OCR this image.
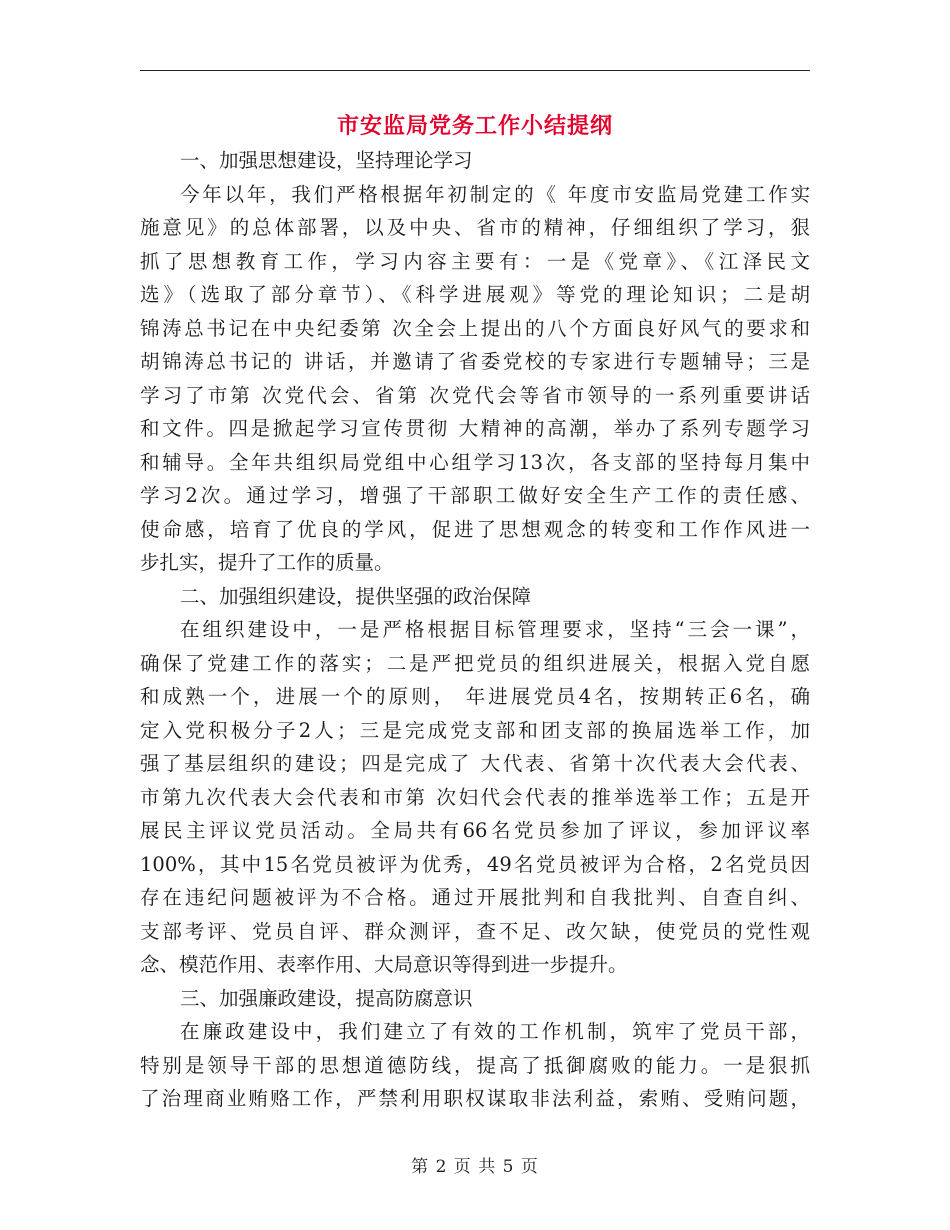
市安监局党务工作小结提纲
一、加强思想建设，坚持理论学习
今年以年，我们严格根据年初制定的《 年度市安监局党建工作实
施意见》的总体部署，以及中央、省市的精神，仔细组织了学习，狠
抓了思想教育工作，学习内容主要有：一是《党章》、《江泽民文
选》（选取了部分章节）、《科学进展观》等党的理论知识；二是胡
锦涛总书记在中央纪委第 次全会上提出的八个方面良好风气的要求和
胡锦涛总书记的 讲话，并邀请了省委党校的专家进行专题辅导；三是
学习了市第 次党代会、省第 次党代会等省市领导的一系列重要讲话
和文件。四是掀起学习宣传贯彻 大精神的高潮，举办了系列专题学习
和辅导。全年共组织局党组中心组学习13次，各支部的坚持每月集中
学习2次。通过学习，增强了干部职工做好安全生产工作的责任感、
使命感，培育了优良的学风，促进了思想观念的转变和工作作风进一
步扎实，提升了工作的质量。
二、加强组织建设，提供坚强的政治保障
在组织建设中，一是严格根据目标管理要求，坚持“三会一课”，
确保了党建工作的落实；二是严把党员的组织进展关，根据入党自愿
和成熟一个，进展一个的原则， 年进展党员4名，按期转正6名，确
定入党积极分子2人；三是完成党支部和团支部的换届选举工作，加
强了基层组织的建设；四是完成了 大代表、省第十次代表大会代表、
市第九次代表大会代表和市第 次妇代会代表的推举选举工作；五是开
展民主评议党员活动。全局共有66名党员参加了评议，参加评议率
100%，其中15名党员被评为优秀，49名党员被评为合格，2名党员因
存在违纪问题被评为不合格。通过开展批判和自我批判、自查自纠、
支部考评、党员自评、群众测评，查不足、改欠缺，使党员的党性观
念、模范作用、表率作用、大局意识等得到进一步提升。
三、加强廉政建设，提高防腐意识
在廉政建设中，我们建立了有效的工作机制，筑牢了党员干部，
特别是领导干部的思想道德防线，提高了抵御腐败的能力。一是狠抓
了治理商业贿赂工作，严禁利用职权谋取非法利益，索贿、受贿问题，
第 2 页 共 5 页
